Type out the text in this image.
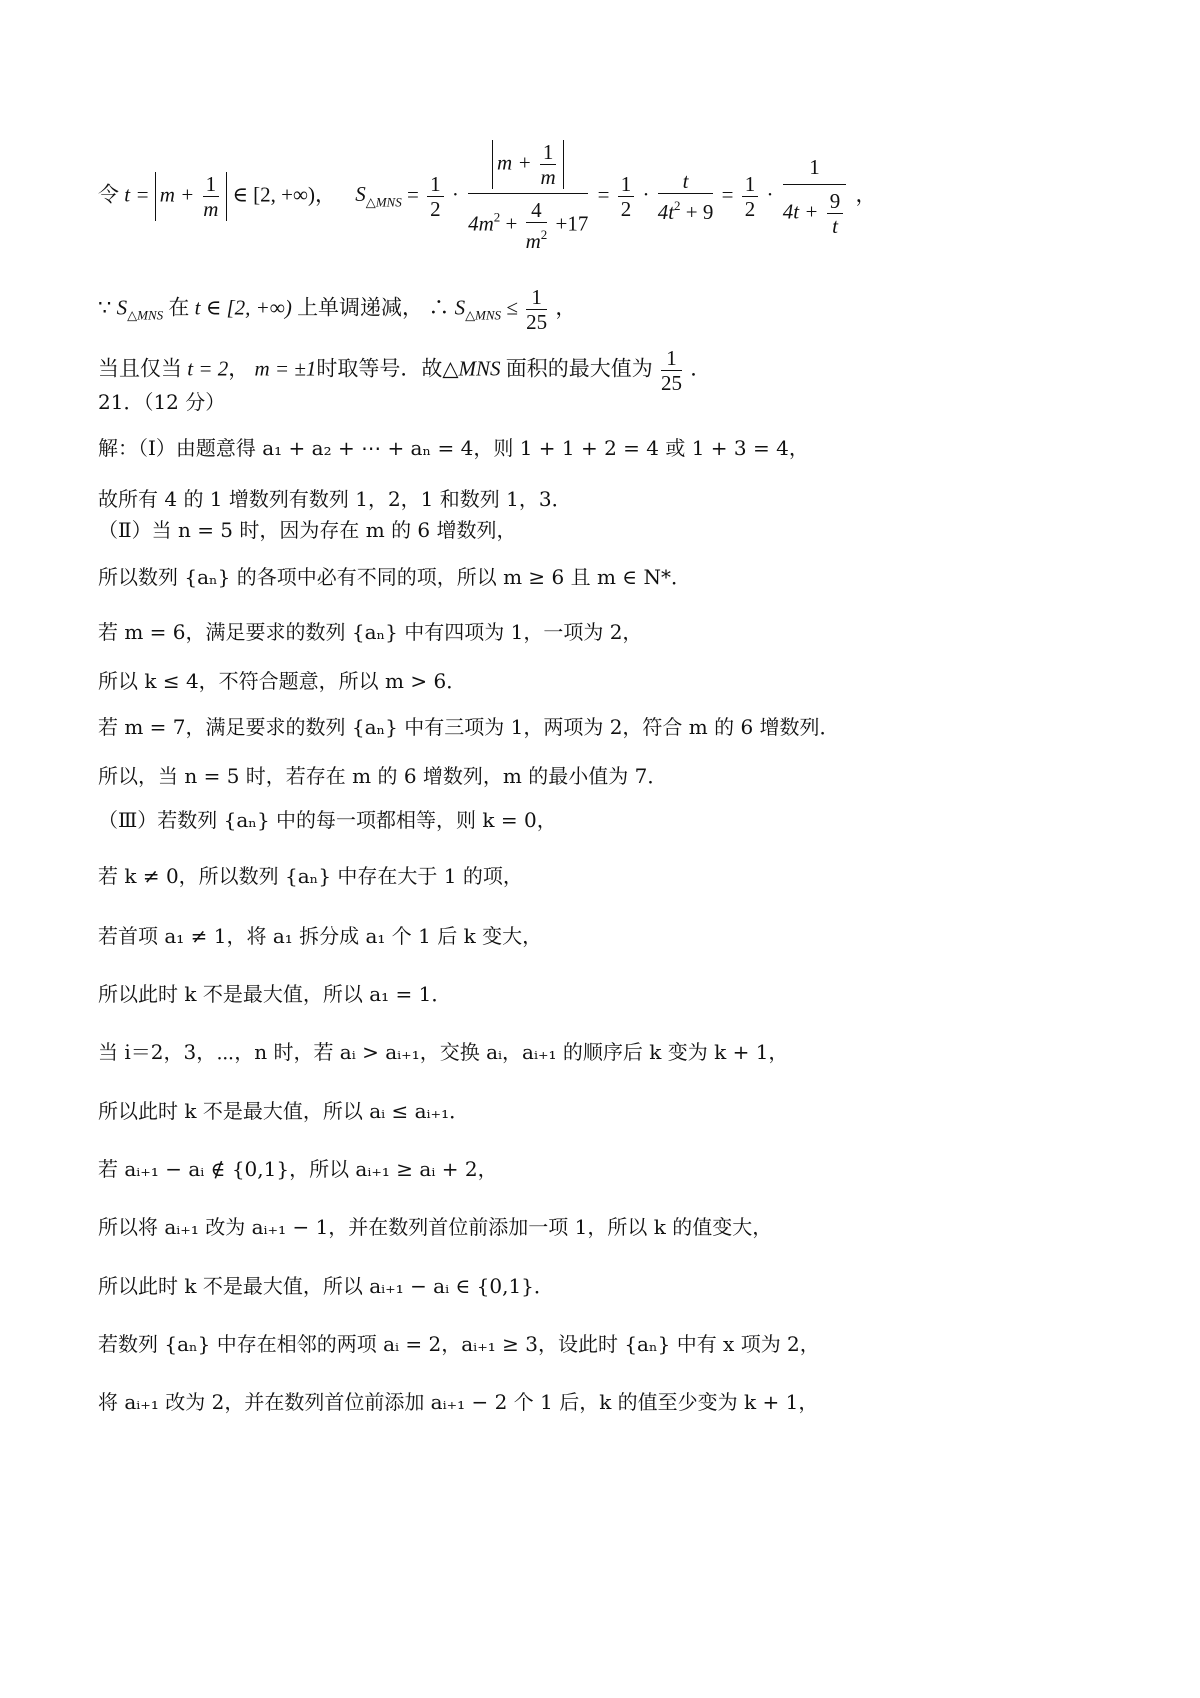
令 $t = m + \frac{1}{m}$ ∈ [2, +∞)， $S_{\triangle MNS} = \frac{1}{2}$ ·
$m + \frac{1}{m}$
$4m^2 + \frac{4}{m^2} +17$
= $\frac{1}{2} \cdot \frac{t}{4t^2 + 9} = \frac{1}{2} \cdot \frac{1}{4t + \frac{9}{t}}$ ，
∵ $S_{\triangle MNS}$ 在 t ∈ [2, +∞) 上单调递减， ∴ $S_{\triangle MNS} \le \frac{1}{25}$ ，
当且仅当 t = 2， m = ±1时取等号．故△MNS 面积的最大值为 $\frac{1}{25}$ ．
21．（12 分）
解：（Ⅰ）由题意得 a₁ + a₂ + ⋯ + aₙ = 4，则 1 + 1 + 2 = 4 或 1 + 3 = 4，
故所有 4 的 1 增数列有数列 1，2，1 和数列 1，3．
（Ⅱ）当 n = 5 时，因为存在 m 的 6 增数列，
所以数列 {aₙ} 的各项中必有不同的项，所以 m ≥ 6 且 m ∈ N*．
若 m = 6，满足要求的数列 {aₙ} 中有四项为 1，一项为 2，
所以 k ≤ 4，不符合题意，所以 m > 6．
若 m = 7，满足要求的数列 {aₙ} 中有三项为 1，两项为 2，符合 m 的 6 增数列．
所以，当 n = 5 时，若存在 m 的 6 增数列，m 的最小值为 7．
（Ⅲ）若数列 {aₙ} 中的每一项都相等，则 k = 0，
若 k ≠ 0，所以数列 {aₙ} 中存在大于 1 的项，
若首项 a₁ ≠ 1，将 a₁ 拆分成 a₁ 个 1 后 k 变大，
所以此时 k 不是最大值，所以 a₁ = 1．
当 i＝2，3，⋯，n 时，若 aᵢ > aᵢ₊₁，交换 aᵢ，aᵢ₊₁ 的顺序后 k 变为 k + 1，
所以此时 k 不是最大值，所以 aᵢ ≤ aᵢ₊₁．
若 aᵢ₊₁ − aᵢ ∉ {0,1}，所以 aᵢ₊₁ ≥ aᵢ + 2，
所以将 aᵢ₊₁ 改为 aᵢ₊₁ − 1，并在数列首位前添加一项 1，所以 k 的值变大，
所以此时 k 不是最大值，所以 aᵢ₊₁ − aᵢ ∈ {0,1}．
若数列 {aₙ} 中存在相邻的两项 aᵢ = 2，aᵢ₊₁ ≥ 3，设此时 {aₙ} 中有 x 项为 2，
将 aᵢ₊₁ 改为 2，并在数列首位前添加 aᵢ₊₁ − 2 个 1 后，k 的值至少变为 k + 1，
